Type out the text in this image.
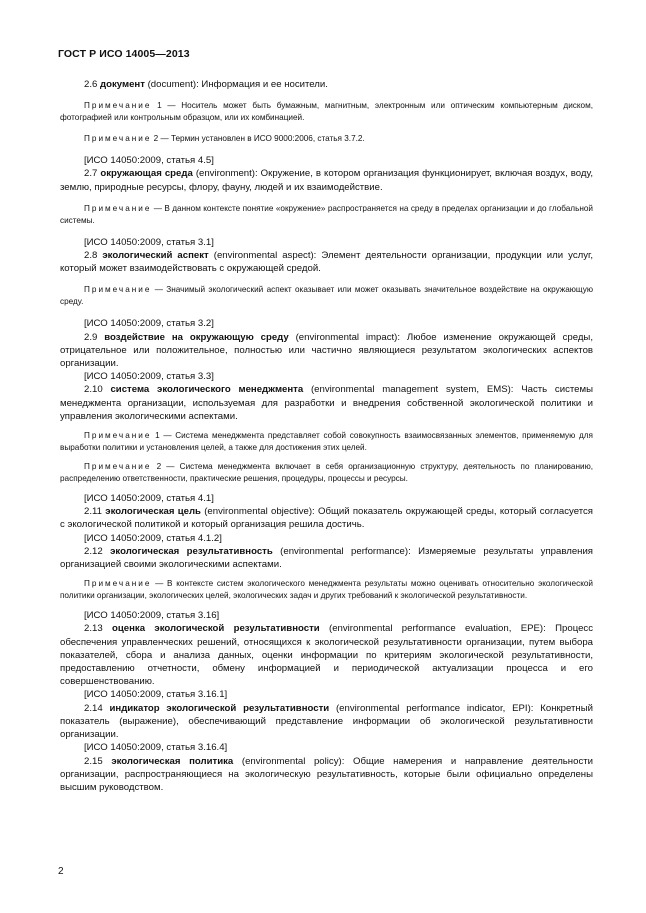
ГОСТ Р ИСО 14005—2013

2.6 документ (document): Информация и ее носители.

Примечание 1 — Носитель может быть бумажным, магнитным, электронным или оптическим компьютерным диском, фотографией или контрольным образцом, или их комбинацией.

Примечание 2 — Термин установлен в ИСО 9000:2006, статья 3.7.2.

[ИСО 14050:2009, статья 4.5]

2.7 окружающая среда (environment): Окружение, в котором организация функционирует, включая воздух, воду, землю, природные ресурсы, флору, фауну, людей и их взаимодействие.

Примечание — В данном контексте понятие «окружение» распространяется на среду в пределах организации и до глобальной системы.

[ИСО 14050:2009, статья 3.1]

2.8 экологический аспект (environmental aspect): Элемент деятельности организации, продукции или услуг, который может взаимодействовать с окружающей средой.

Примечание — Значимый экологический аспект оказывает или может оказывать значительное воздействие на окружающую среду.

[ИСО 14050:2009, статья 3.2]

2.9 воздействие на окружающую среду (environmental impact): Любое изменение окружающей среды, отрицательное или положительное, полностью или частично являющиеся результатом экологических аспектов организации.

[ИСО 14050:2009, статья 3.3]

2.10 система экологического менеджмента (environmental management system, EMS): Часть системы менеджмента организации, используемая для разработки и внедрения собственной экологической политики и управления экологическими аспектами.

Примечание 1 — Система менеджмента представляет собой совокупность взаимосвязанных элементов, применяемую для выработки политики и установления целей, а также для достижения этих целей.

Примечание 2 — Система менеджмента включает в себя организационную структуру, деятельность по планированию, распределению ответственности, практические решения, процедуры, процессы и ресурсы.

[ИСО 14050:2009, статья 4.1]

2.11 экологическая цель (environmental objective): Общий показатель окружающей среды, который согласуется с экологической политикой и который организация решила достичь.

[ИСО 14050:2009, статья 4.1.2]

2.12 экологическая результативность (environmental performance): Измеряемые результаты управления организацией своими экологическими аспектами.

Примечание — В контексте систем экологического менеджмента результаты можно оценивать относительно экологической политики организации, экологических целей, экологических задач и других требований к экологической результативности.

[ИСО 14050:2009, статья 3.16]

2.13 оценка экологической результативности (environmental performance evaluation, EPE): Процесс обеспечения управленческих решений, относящихся к экологической результативности организации, путем выбора показателей, сбора и анализа данных, оценки информации по критериям экологической результативности, предоставлению отчетности, обмену информацией и периодической актуализации процесса и его совершенствованию.

[ИСО 14050:2009, статья 3.16.1]

2.14 индикатор экологической результативности (environmental performance indicator, EPI): Конкретный показатель (выражение), обеспечивающий представление информации об экологической результативности организации.

[ИСО 14050:2009, статья 3.16.4]

2.15 экологическая политика (environmental policy): Общие намерения и направление деятельности организации, распространяющиеся на экологическую результативность, которые были официально определены высшим руководством.

2
